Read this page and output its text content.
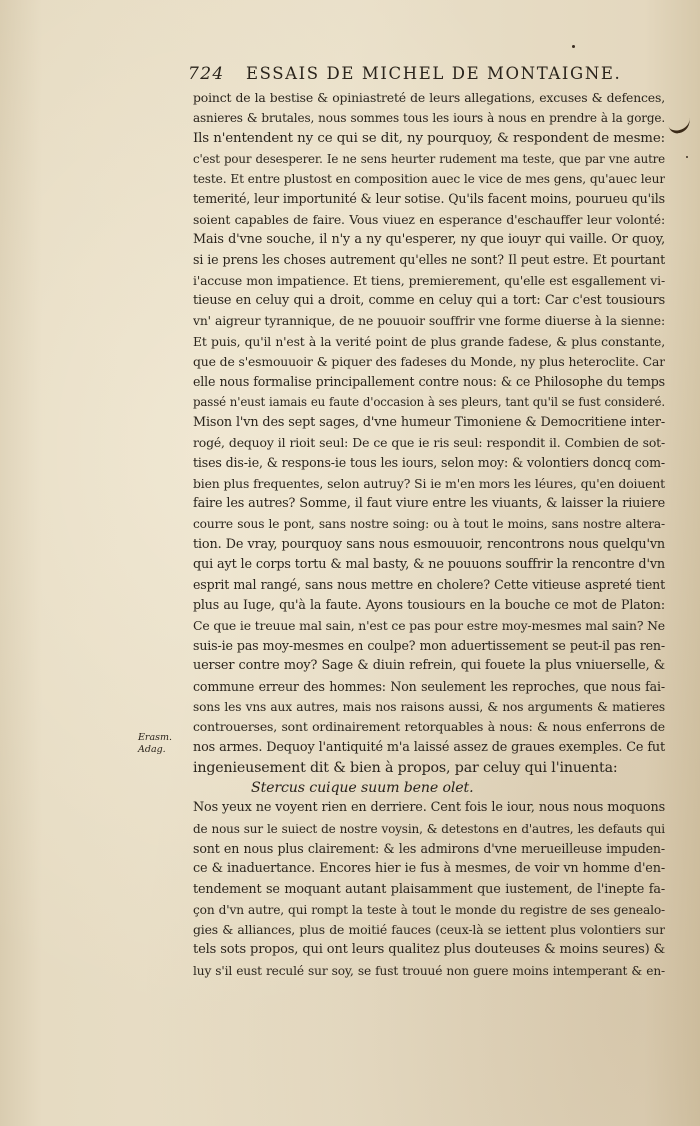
724 ESSAIS DE MICHEL DE MONTAIGNE.
Erasm.
Adag.
poinct de la bestise & opiniastreté de leurs allegations, excuses & defences,
asnieres & brutales, nous sommes tous les iours à nous en prendre à la gorge.
Ils n'entendent ny ce qui se dit, ny pourquoy, & respondent de mesme:
c'est pour desesperer. Ie ne sens heurter rudement ma teste, que par vne autre
teste. Et entre plustost en composition auec le vice de mes gens, qu'auec leur
temerité, leur importunité & leur sotise. Qu'ils facent moins, pourueu qu'ils
soient capables de faire. Vous viuez en esperance d'eschauffer leur volonté:
Mais d'vne souche, il n'y a ny qu'esperer, ny que iouyr qui vaille. Or quoy,
si ie prens les choses autrement qu'elles ne sont? Il peut estre. Et pourtant
i'accuse mon impatience. Et tiens, premierement, qu'elle est esgallement vi-
tieuse en celuy qui a droit, comme en celuy qui a tort: Car c'est tousiours
vn' aigreur tyrannique, de ne pouuoir souffrir vne forme diuerse à la sienne:
Et puis, qu'il n'est à la verité point de plus grande fadese, & plus constante,
que de s'esmouuoir & piquer des fadeses du Monde, ny plus heteroclite. Car
elle nous formalise principallement contre nous: & ce Philosophe du temps
passé n'eust iamais eu faute d'occasion à ses pleurs, tant qu'il se fust consideré.
Mison l'vn des sept sages, d'vne humeur Timoniene & Democritiene inter-
rogé, dequoy il rioit seul: De ce que ie ris seul: respondit il. Combien de sot-
tises dis-ie, & respons-ie tous les iours, selon moy: & volontiers doncq com-
bien plus frequentes, selon autruy? Si ie m'en mors les léures, qu'en doiuent
faire les autres? Somme, il faut viure entre les viuants, & laisser la riuiere
courre sous le pont, sans nostre soing: ou à tout le moins, sans nostre altera-
tion. De vray, pourquoy sans nous esmouuoir, rencontrons nous quelqu'vn
qui ayt le corps tortu & mal basty, & ne pouuons souffrir la rencontre d'vn
esprit mal rangé, sans nous mettre en cholere? Cette vitieuse aspreté tient
plus au Iuge, qu'à la faute. Ayons tousiours en la bouche ce mot de Platon:
Ce que ie treuue mal sain, n'est ce pas pour estre moy-mesmes mal sain? Ne
suis-ie pas moy-mesmes en coulpe? mon aduertissement se peut-il pas ren-
uerser contre moy? Sage & diuin refrein, qui fouete la plus vniuerselle, &
commune erreur des hommes: Non seulement les reproches, que nous fai-
sons les vns aux autres, mais nos raisons aussi, & nos arguments & matieres
controuerses, sont ordinairement retorquables à nous: & nous enferrons de
nos armes. Dequoy l'antiquité m'a laissé assez de graues exemples. Ce fut
ingenieusement dit & bien à propos, par celuy qui l'inuenta:
Stercus cuique suum bene olet.
Nos yeux ne voyent rien en derriere. Cent fois le iour, nous nous moquons
de nous sur le suiect de nostre voysin, & detestons en d'autres, les defauts qui
sont en nous plus clairement: & les admirons d'vne merueilleuse impuden-
ce & inaduertance. Encores hier ie fus à mesmes, de voir vn homme d'en-
tendement se moquant autant plaisamment que iustement, de l'inepte fa-
çon d'vn autre, qui rompt la teste à tout le monde du registre de ses genealo-
gies & alliances, plus de moitié fauces (ceux-là se iettent plus volontiers sur
tels sots propos, qui ont leurs qualitez plus douteuses & moins seures) &
luy s'il eust reculé sur soy, se fust trouué non guere moins intemperant & en-
